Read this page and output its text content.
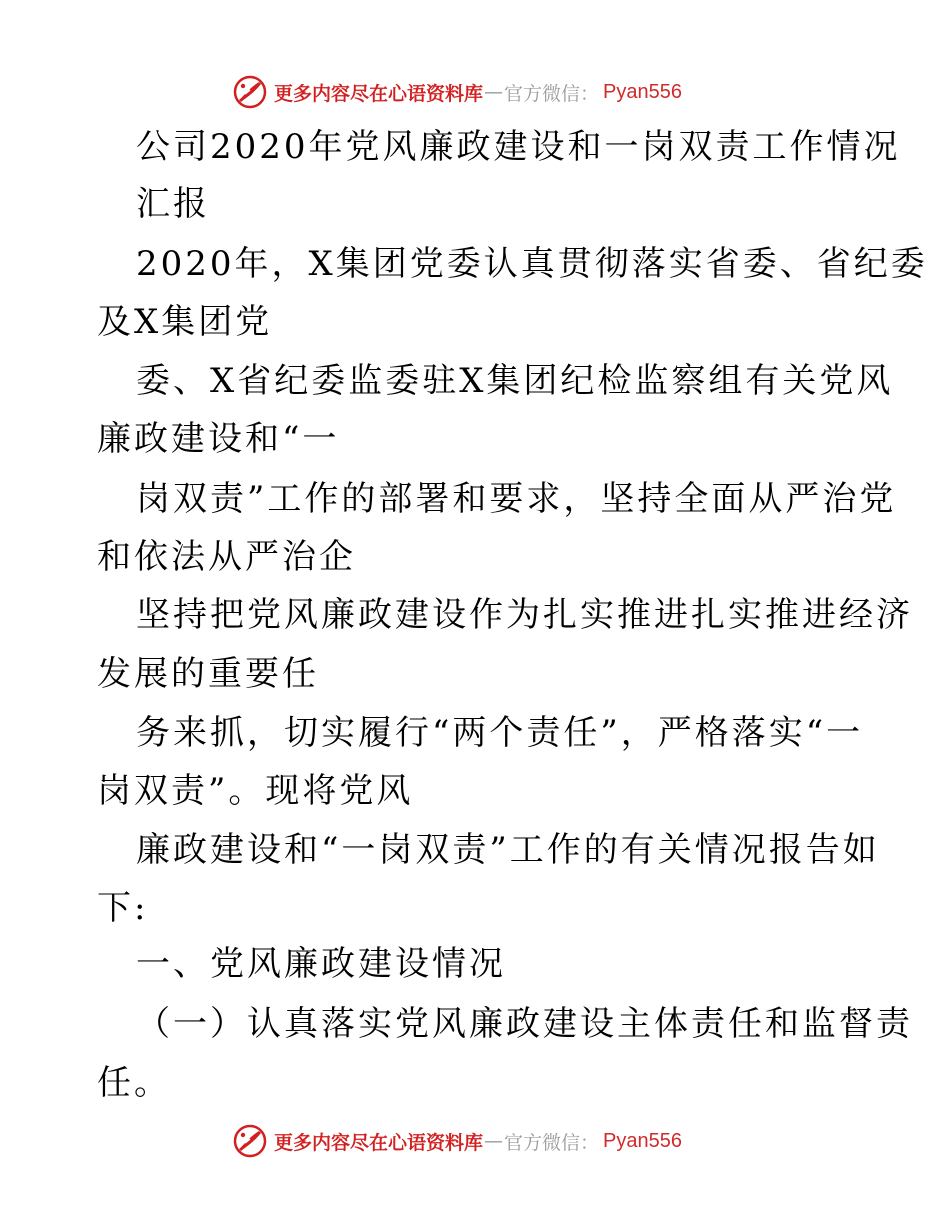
更多内容尽在心语资料库 — 官方微信： Pyan556
公司2020年党风廉政建设和一岗双责工作情况
汇报
2020年，X集团党委认真贯彻落实省委、省纪委
及X集团党
委、X省纪委监委驻X集团纪检监察组有关党风
廉政建设和“一
岗双责”工作的部署和要求，坚持全面从严治党
和依法从严治企
坚持把党风廉政建设作为扎实推进扎实推进经济
发展的重要任
务来抓，切实履行“两个责任”，严格落实“一
岗双责”。现将党风
廉政建设和“一岗双责”工作的有关情况报告如
下:
一、党风廉政建设情况
（一）认真落实党风廉政建设主体责任和监督责
任。
更多内容尽在心语资料库 — 官方微信： Pyan556
